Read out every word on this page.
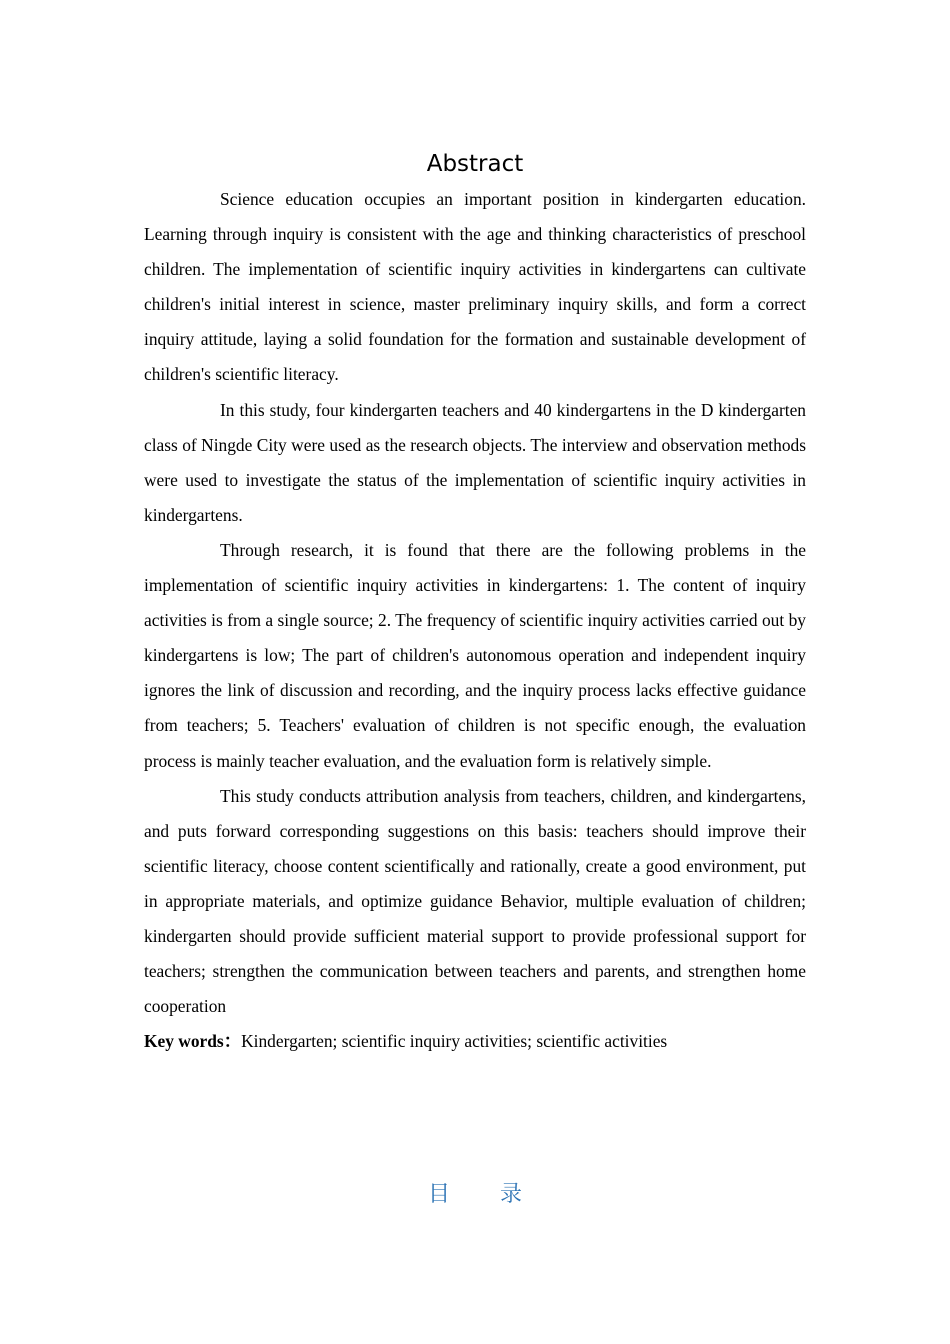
Abstract

Science education occupies an important position in kindergarten education. Learning through inquiry is consistent with the age and thinking characteristics of preschool children. The implementation of scientific inquiry activities in kindergartens can cultivate children's initial interest in science, master preliminary inquiry skills, and form a correct inquiry attitude, laying a solid foundation for the formation and sustainable development of children's scientific literacy.

In this study, four kindergarten teachers and 40 kindergartens in the D kindergarten class of Ningde City were used as the research objects. The interview and observation methods were used to investigate the status of the implementation of scientific inquiry activities in kindergartens.

Through research, it is found that there are the following problems in the implementation of scientific inquiry activities in kindergartens: 1. The content of inquiry activities is from a single source; 2. The frequency of scientific inquiry activities carried out by kindergartens is low; The part of children's autonomous operation and independent inquiry ignores the link of discussion and recording, and the inquiry process lacks effective guidance from teachers; 5. Teachers' evaluation of children is not specific enough, the evaluation process is mainly teacher evaluation, and the evaluation form is relatively simple.

This study conducts attribution analysis from teachers, children, and kindergartens, and puts forward corresponding suggestions on this basis: teachers should improve their scientific literacy, choose content scientifically and rationally, create a good environment, put in appropriate materials, and optimize guidance Behavior, multiple evaluation of children; kindergarten should provide sufficient material support to provide professional support for teachers; strengthen the communication between teachers and parents, and strengthen home cooperation

Key words：Kindergarten; scientific inquiry activities; scientific activities

目 录
